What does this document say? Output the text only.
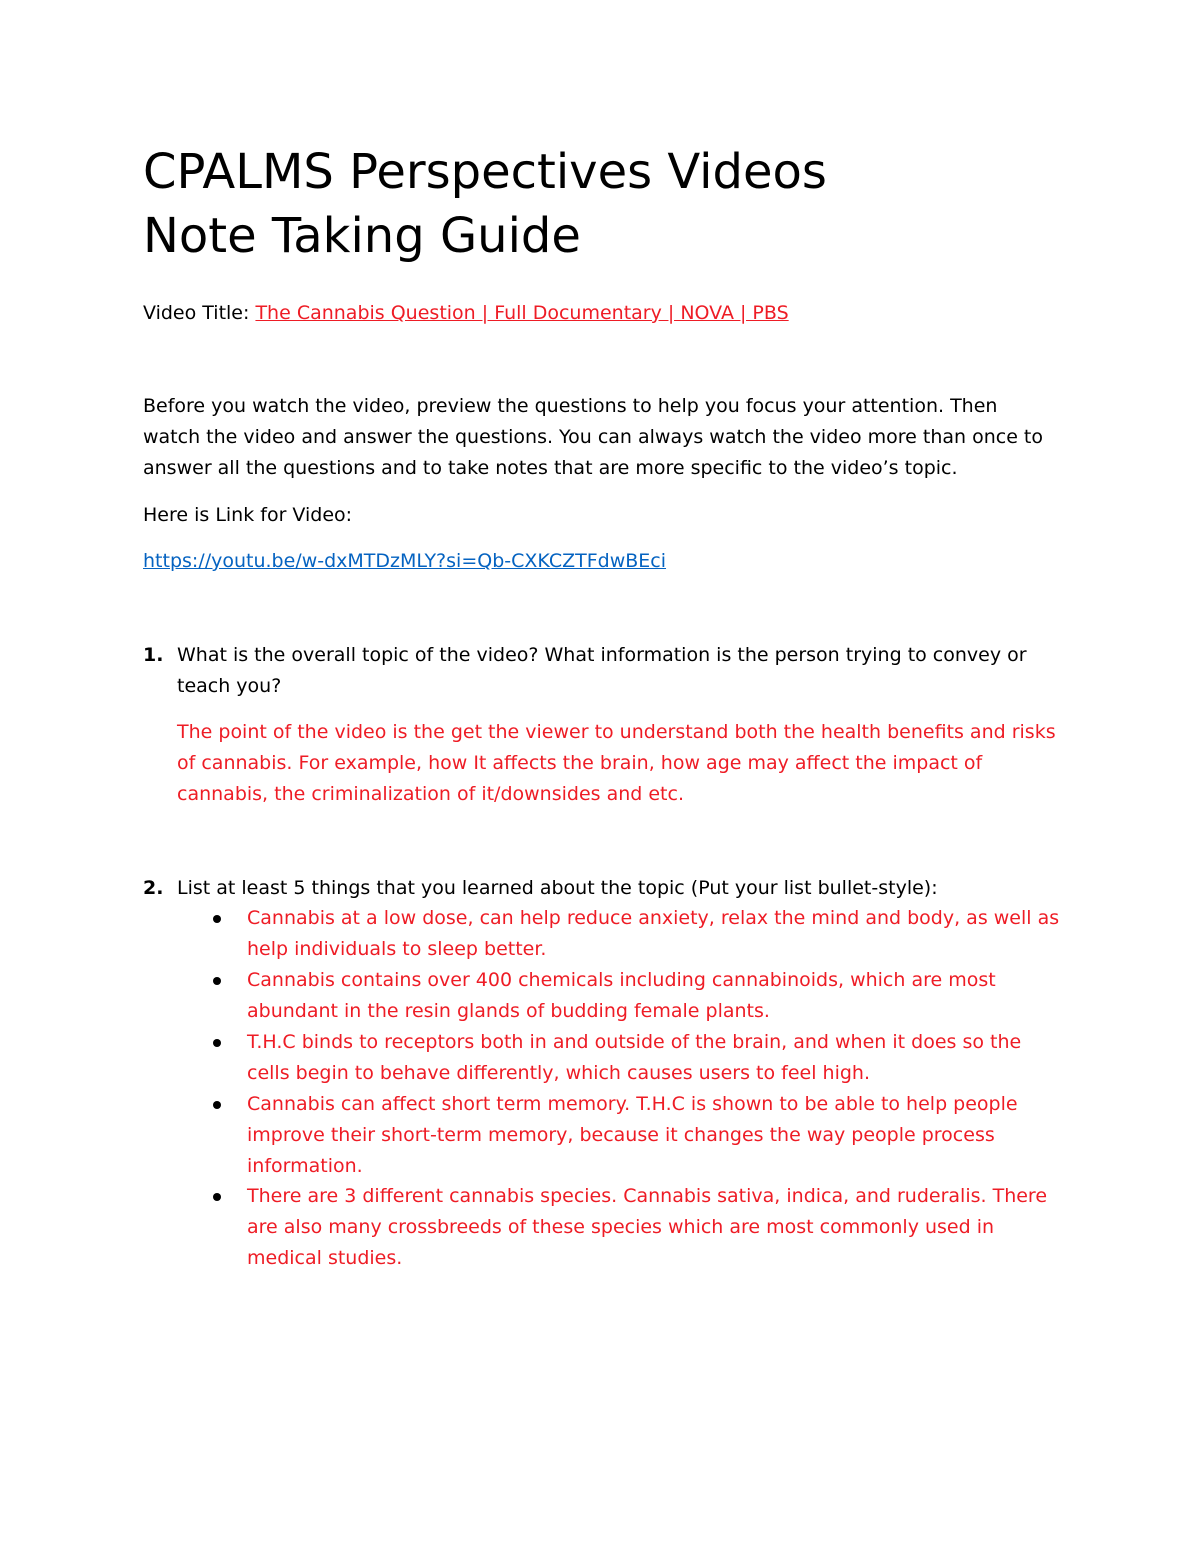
CPALMS Perspectives Videos
Note Taking Guide
Video Title: The Cannabis Question | Full Documentary | NOVA | PBS
Before you watch the video, preview the questions to help you focus your attention. Then
watch the video and answer the questions. You can always watch the video more than once to
answer all the questions and to take notes that are more specific to the video’s topic.
Here is Link for Video:
https://youtu.be/w-dxMTDzMLY?si=Qb-CXKCZTFdwBEci
1. What is the overall topic of the video? What information is the person trying to convey or
teach you?
The point of the video is the get the viewer to understand both the health benefits and risks
of cannabis. For example, how It affects the brain, how age may affect the impact of
cannabis, the criminalization of it/downsides and etc.
2. List at least 5 things that you learned about the topic (Put your list bullet-style):
Cannabis at a low dose, can help reduce anxiety, relax the mind and body, as well as
help individuals to sleep better.
Cannabis contains over 400 chemicals including cannabinoids, which are most
abundant in the resin glands of budding female plants.
T.H.C binds to receptors both in and outside of the brain, and when it does so the
cells begin to behave differently, which causes users to feel high.
Cannabis can affect short term memory. T.H.C is shown to be able to help people
improve their short-term memory, because it changes the way people process
information.
There are 3 different cannabis species. Cannabis sativa, indica, and ruderalis. There
are also many crossbreeds of these species which are most commonly used in
medical studies.
